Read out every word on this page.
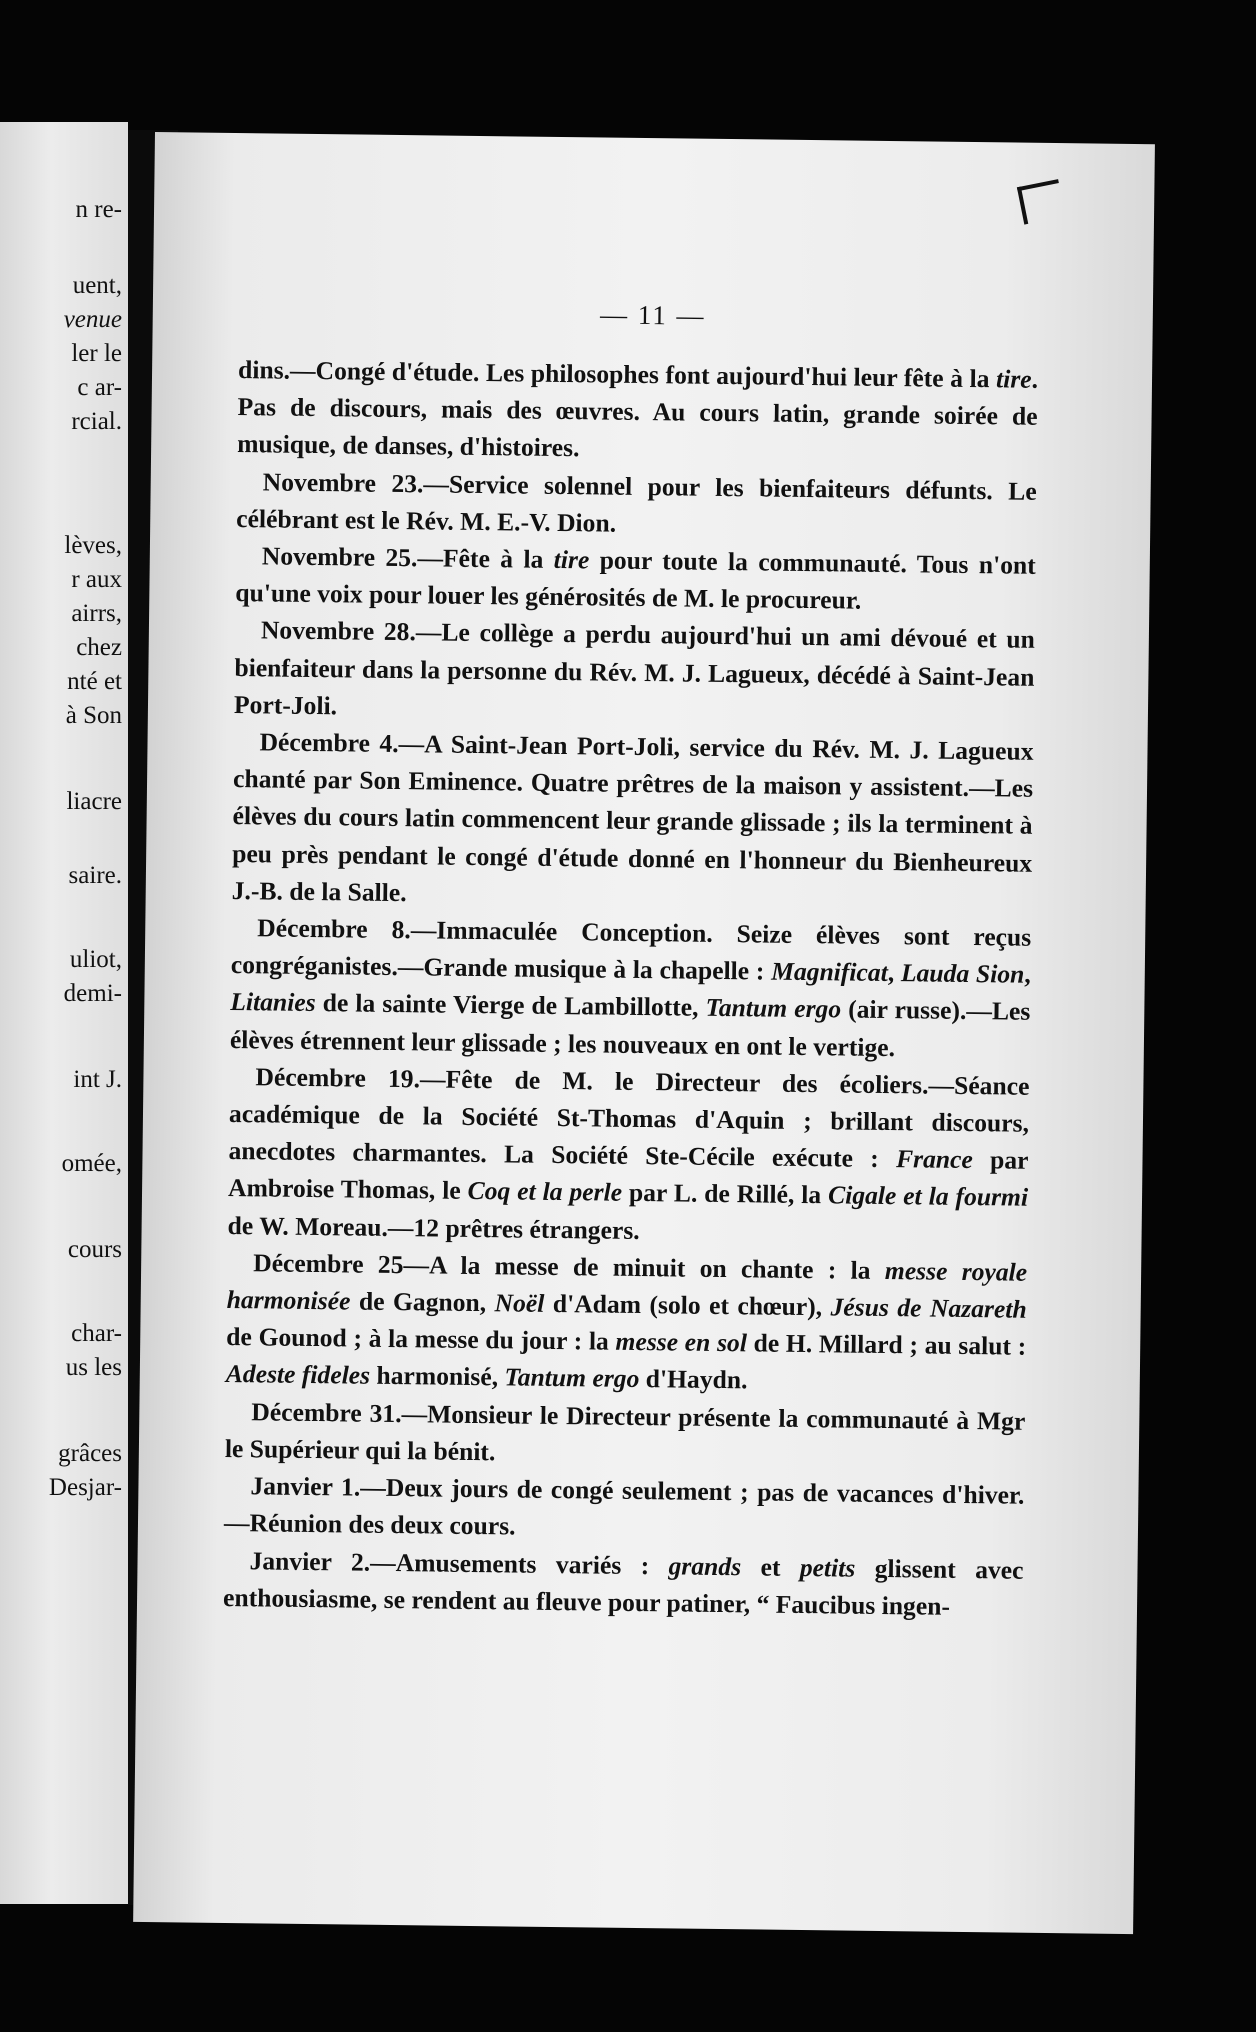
n re-
uent,
venue
ler le
c ar-
rcial.
lèves,
r aux
airrs,
chez
nté et
à Son
liacre
saire.
uliot,
demi-
int J.
omée,
cours
char-
us les
grâces
Desjar-
— 11 —

dins.—Congé d'étude. Les philosophes font aujourd'hui leur fête à la tire. Pas de discours, mais des œuvres. Au cours latin, grande soirée de musique, de danses, d'histoires.

Novembre 23.—Service solennel pour les bienfaiteurs défunts. Le célébrant est le Rév. M. E.-V. Dion.

Novembre 25.—Fête à la tire pour toute la communauté. Tous n'ont qu'une voix pour louer les générosités de M. le procureur.

Novembre 28.—Le collège a perdu aujourd'hui un ami dévoué et un bienfaiteur dans la personne du Rév. M. J. Lagueux, décédé à Saint-Jean Port-Joli.

Décembre 4.—A Saint-Jean Port-Joli, service du Rév. M. J. Lagueux chanté par Son Eminence. Quatre prêtres de la maison y assistent.—Les élèves du cours latin commencent leur grande glissade ; ils la terminent à peu près pendant le congé d'étude donné en l'honneur du Bienheureux J.-B. de la Salle.

Décembre 8.—Immaculée Conception. Seize élèves sont reçus congréganistes.—Grande musique à la chapelle : Magnificat, Lauda Sion, Litanies de la sainte Vierge de Lambillotte, Tantum ergo (air russe).—Les élèves étrennent leur glissade ; les nouveaux en ont le vertige.

Décembre 19.—Fête de M. le Directeur des écoliers.—Séance académique de la Société St-Thomas d'Aquin ; brillant discours, anecdotes charmantes. La Société Ste-Cécile exécute : France par Ambroise Thomas, le Coq et la perle par L. de Rillé, la Cigale et la fourmi de W. Moreau.—12 prêtres étrangers.

Décembre 25—A la messe de minuit on chante : la messe royale harmonisée de Gagnon, Noël d'Adam (solo et chœur), Jésus de Nazareth de Gounod ; à la messe du jour : la messe en sol de H. Millard ; au salut : Adeste fideles harmonisé, Tantum ergo d'Haydn.

Décembre 31.—Monsieur le Directeur présente la communauté à Mgr le Supérieur qui la bénit.

Janvier 1.—Deux jours de congé seulement ; pas de vacances d'hiver.—Réunion des deux cours.

Janvier 2.—Amusements variés : grands et petits glissent avec enthousiasme, se rendent au fleuve pour patiner, “ Faucibus ingen-
